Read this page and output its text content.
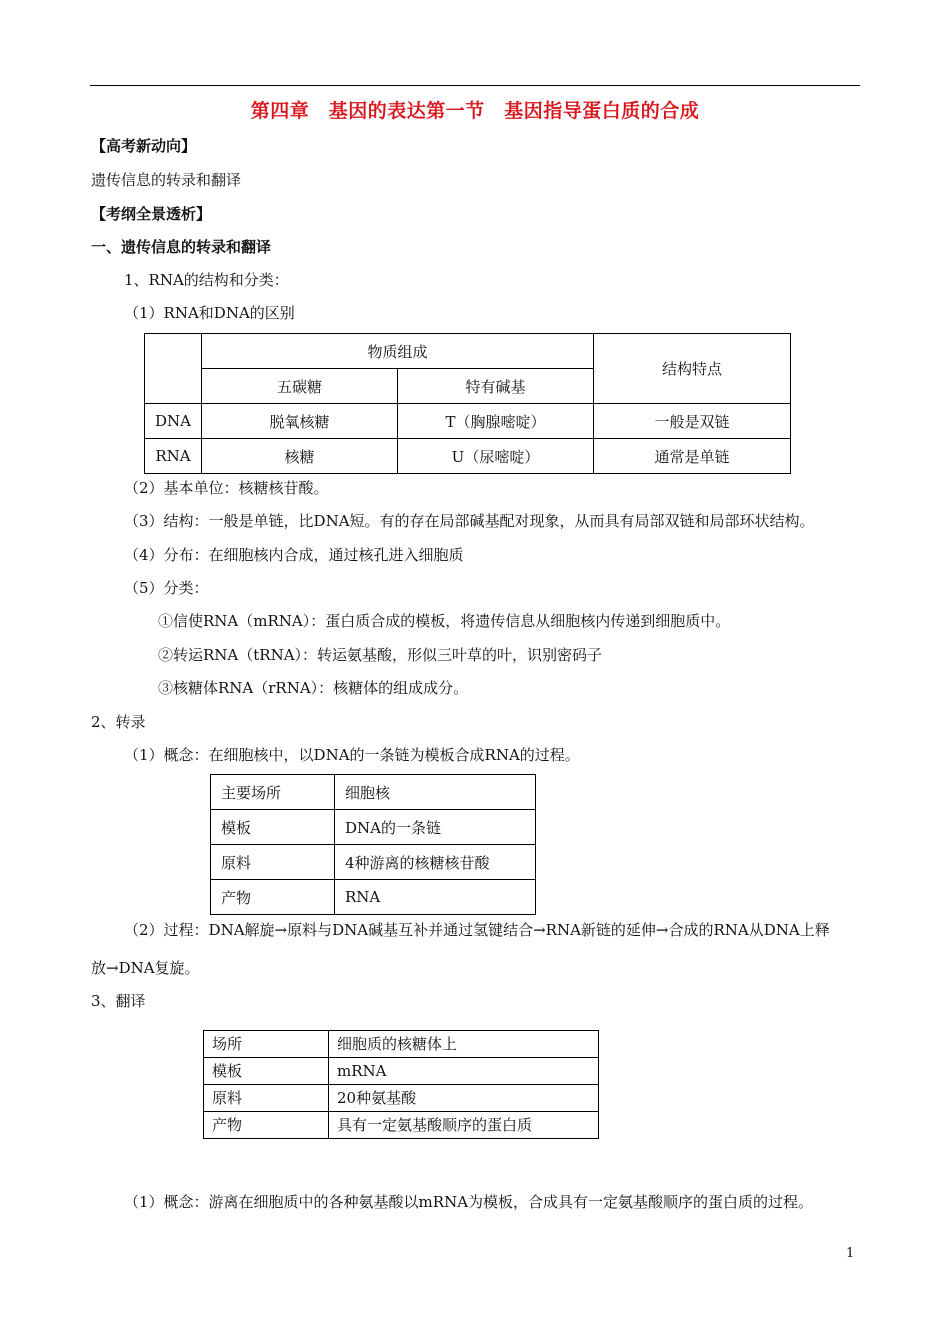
第四章　基因的表达第一节　基因指导蛋白质的合成
【高考新动向】
遗传信息的转录和翻译
【考纲全景透析】
一、遗传信息的转录和翻译
1、RNA的结构和分类：
（1）RNA和DNA的区别
	物质组成		结构特点
	五碳糖	特有碱基	
DNA	脱氧核糖	T（胸腺嘧啶）	一般是双链
RNA	核糖	U（尿嘧啶）	通常是单链
（2）基本单位：核糖核苷酸。
（3）结构：一般是单链，比DNA短。有的存在局部碱基配对现象，从而具有局部双链和局部环状结构。
（4）分布：在细胞核内合成，通过核孔进入细胞质
（5）分类：
①信使RNA（mRNA）：蛋白质合成的模板，将遗传信息从细胞核内传递到细胞质中。
②转运RNA（tRNA）：转运氨基酸，形似三叶草的叶，识别密码子
③核糖体RNA（rRNA）：核糖体的组成成分。
2、转录
（1）概念：在细胞核中，以DNA的一条链为模板合成RNA的过程。
主要场所	细胞核
模板	DNA的一条链
原料	4种游离的核糖核苷酸
产物	RNA
（2）过程：DNA解旋→原料与DNA碱基互补并通过氢键结合→RNA新链的延伸→合成的RNA从DNA上释
放→DNA复旋。
3、翻译
场所	细胞质的核糖体上
模板	mRNA
原料	20种氨基酸
产物	具有一定氨基酸顺序的蛋白质
（1）概念：游离在细胞质中的各种氨基酸以mRNA为模板，合成具有一定氨基酸顺序的蛋白质的过程。
1
